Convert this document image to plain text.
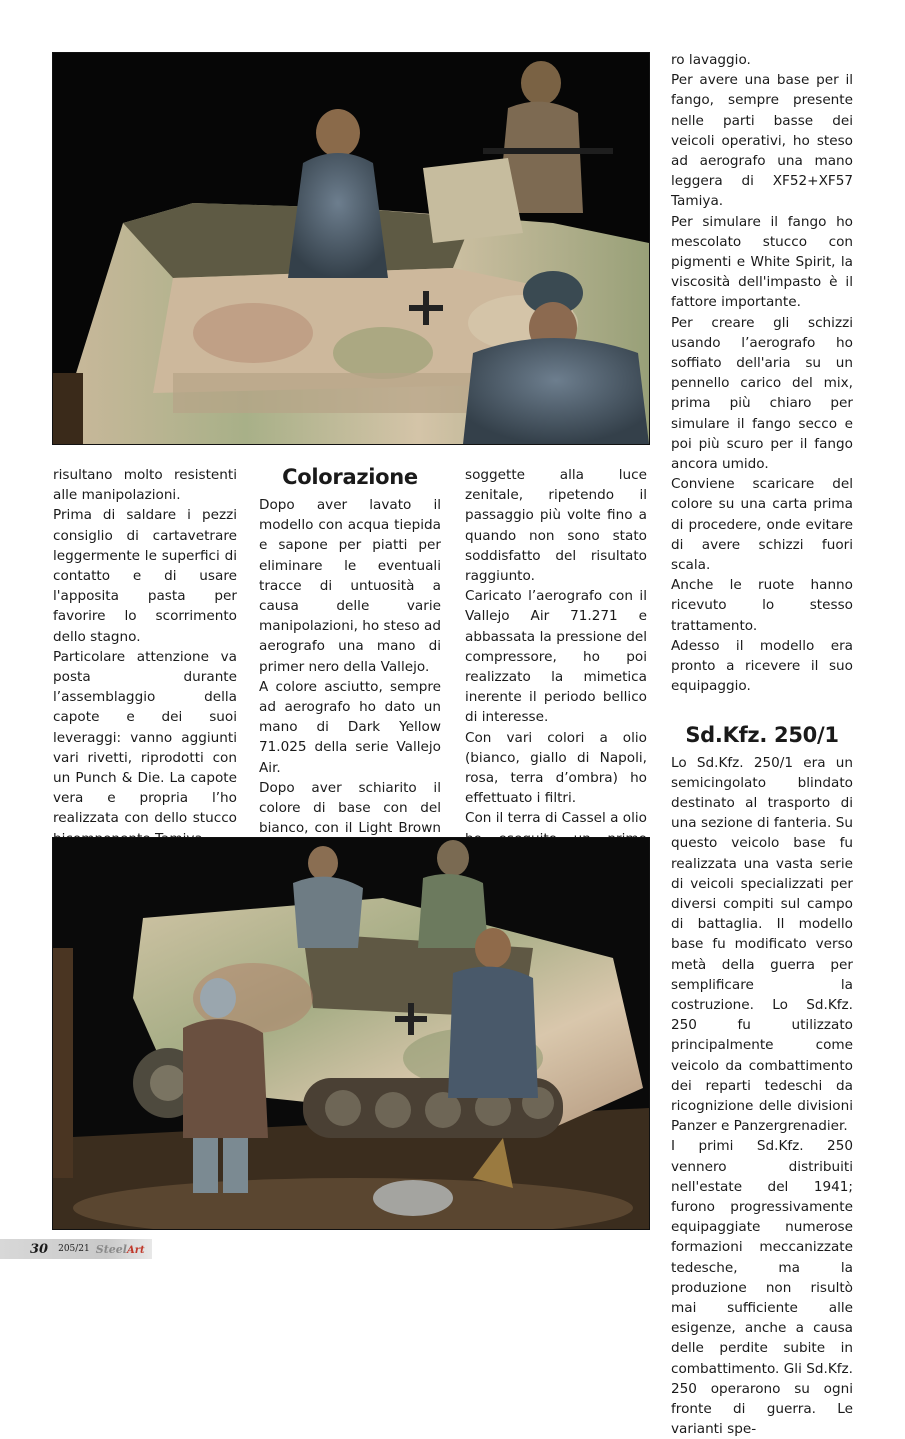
risultano molto resistenti alle manipolazioni.

Prima di saldare i pezzi consiglio di cartavetrare leggermente le superfici di contatto e di usare l'apposita pasta per favorire lo scorrimento dello stagno.

Particolare attenzione va posta durante l’assemblaggio della capote e dei suoi leveraggi: vanno aggiunti vari rivetti, riprodotti con un Punch & Die. La capote vera e propria l’ho realizzata con dello stucco

Colorazione

Dopo aver lavato il modello con acqua tiepida e sapone per piatti per eliminare le eventuali tracce di untuosità a causa delle varie manipolazioni, ho steso ad aerografo una mano di primer nero della Vallejo.

A colore asciutto, sempre ad aerografo ho dato un mano di Dark Yellow 71.025 della serie Vallejo Air.

Dopo aver schiarito il colore di base con del bianco, con il Light Brown

soggette alla luce zenitale, ripetendo il passaggio più volte fino a quando non sono stato soddisfatto del risultato raggiunto.

Caricato l’aerografo con il Vallejo Air 71.271 e abbassata la pressione del compressore, ho poi realizzato la mimetica inerente il periodo bellico di interesse.

Con vari colori a olio (bianco, giallo di Napoli, rosa, terra d’ombra) ho effettuato i filtri.

Con il terra di Cassel a olio

ro lavaggio.

Per avere una base per il fango, sempre presente nelle parti basse dei veicoli operativi, ho steso ad aerografo una mano leggera di XF52+XF57 Tamiya.

Per simulare il fango ho mescolato stucco con pigmenti e White Spirit, la viscosità dell'impasto è il fattore importante.

Per creare gli schizzi usando l’aerografo ho soffiato dell'aria su un pennello carico del mix, prima più chiaro per simulare il fango secco e poi più scuro per il fango ancora umido.

Conviene scaricare del colore su una carta prima di procedere, onde evitare di avere schizzi fuori scala.

Anche le ruote hanno ricevuto lo stesso trattamento.

Adesso il modello era pronto a ricevere il suo equipaggio.

Sd.Kfz. 250/1

Lo Sd.Kfz. 250/1 era un semicingolato blindato destinato al trasporto di una sezione di fanteria. Su questo veicolo base fu realizzata una vasta serie di veicoli specializzati per diversi compiti sul campo di battaglia. Il modello base fu modificato verso metà della guerra per semplificare la costruzione. Lo Sd.Kfz. 250 fu utilizzato principalmente come veicolo da combattimento dei reparti tedeschi da ricognizione delle divisioni Panzer e Panzergrenadier.

I primi Sd.Kfz. 250 vennero distribuiti nell'estate del 1941; furono progressivamente equipaggiate numerose formazioni meccanizzate tedesche, ma la produzione non risultò mai sufficiente alle esigenze, anche a causa delle perdite subite in combattimento. Gli Sd.Kfz. 250 operarono su ogni fronte di guerra. Le varianti spe-

30 205/21 Steel Art
